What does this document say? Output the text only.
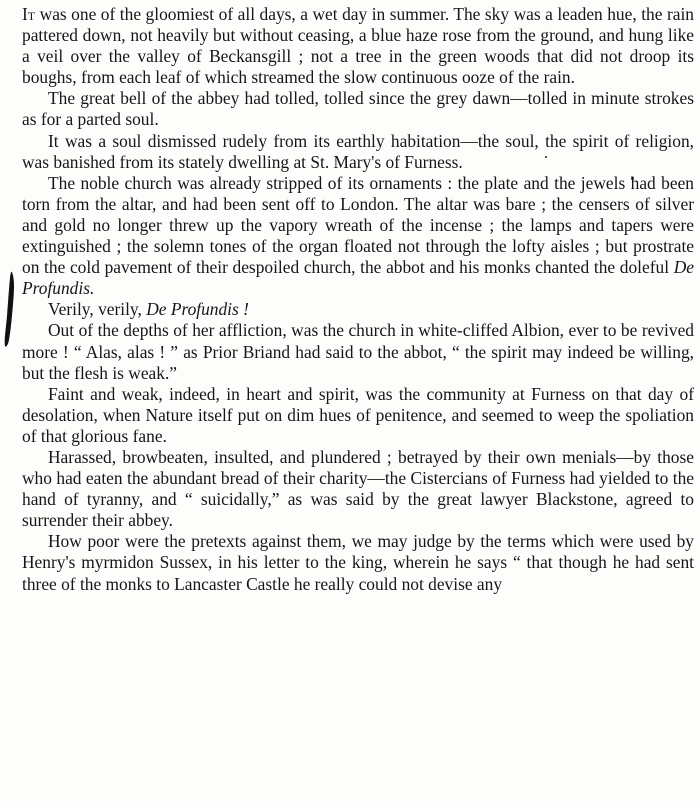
It was one of the gloomiest of all days, a wet day in summer. The sky was a leaden hue, the rain pattered down, not heavily but without ceasing, a blue haze rose from the ground, and hung like a veil over the valley of Beckansgill ; not a tree in the green woods that did not droop its boughs, from each leaf of which streamed the slow continuous ooze of the rain.

The great bell of the abbey had tolled, tolled since the grey dawn—tolled in minute strokes as for a parted soul.

It was a soul dismissed rudely from its earthly habitation—the soul, the spirit of religion, was banished from its stately dwelling at St. Mary's of Furness.

The noble church was already stripped of its ornaments : the plate and the jewels had been torn from the altar, and had been sent off to London. The altar was bare ; the censers of silver and gold no longer threw up the vapory wreath of the incense ; the lamps and tapers were extinguished ; the solemn tones of the organ floated not through the lofty aisles ; but prostrate on the cold pavement of their despoiled church, the abbot and his monks chanted the doleful De Profundis.

Verily, verily, De Profundis !

Out of the depths of her affliction, was the church in white-cliffed Albion, ever to be revived more ! “ Alas, alas ! ” as Prior Briand had said to the abbot, “ the spirit may indeed be willing, but the flesh is weak.”

Faint and weak, indeed, in heart and spirit, was the community at Furness on that day of desolation, when Nature itself put on dim hues of penitence, and seemed to weep the spoliation of that glorious fane.

Harassed, browbeaten, insulted, and plundered ; betrayed by their own menials—by those who had eaten the abundant bread of their charity—the Cistercians of Furness had yielded to the hand of tyranny, and “ suicidally,” as was said by the great lawyer Blackstone, agreed to surrender their abbey.

How poor were the pretexts against them, we may judge by the terms which were used by Henry's myrmidon Sussex, in his letter to the king, wherein he says “ that though he had sent three of the monks to Lancaster Castle he really could not devise any
